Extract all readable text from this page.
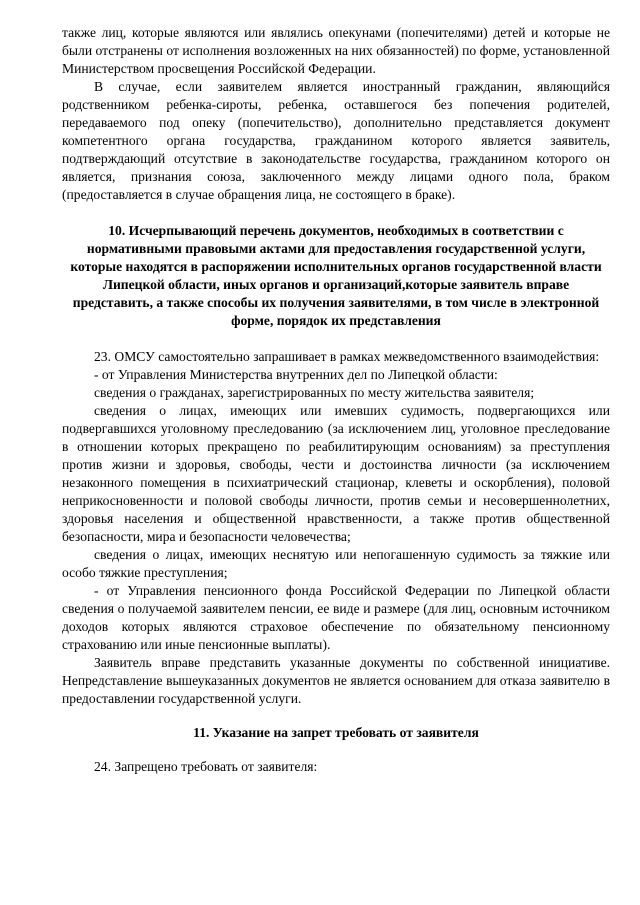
также лиц, которые являются или являлись опекунами (попечителями) детей и которые не были отстранены от исполнения возложенных на них обязанностей) по форме, установленной Министерством просвещения Российской Федерации.

В случае, если заявителем является иностранный гражданин, являющийся родственником ребенка-сироты, ребенка, оставшегося без попечения родителей, передаваемого под опеку (попечительство), дополнительно представляется документ компетентного органа государства, гражданином которого является заявитель, подтверждающий отсутствие в законодательстве государства, гражданином которого он является, признания союза, заключенного между лицами одного пола, браком (предоставляется в случае обращения лица, не состоящего в браке).

10. Исчерпывающий перечень документов, необходимых в соответствии с нормативными правовыми актами для предоставления государственной услуги, которые находятся в распоряжении исполнительных органов государственной власти Липецкой области, иных органов и организаций,которые заявитель вправе представить, а также способы их получения заявителями, в том числе в электронной форме, порядок их представления

23. ОМСУ самостоятельно запрашивает в рамках межведомственного взаимодействия:

- от Управления Министерства внутренних дел по Липецкой области:

сведения о гражданах, зарегистрированных по месту жительства заявителя;

сведения о лицах, имеющих или имевших судимость, подвергающихся или подвергавшихся уголовному преследованию (за исключением лиц, уголовное преследование в отношении которых прекращено по реабилитирующим основаниям) за преступления против жизни и здоровья, свободы, чести и достоинства личности (за исключением незаконного помещения в психиатрический стационар, клеветы и оскорбления), половой неприкосновенности и половой свободы личности, против семьи и несовершеннолетних, здоровья населения и общественной нравственности, а также против общественной безопасности, мира и безопасности человечества;

сведения о лицах, имеющих неснятую или непогашенную судимость за тяжкие или особо тяжкие преступления;

- от Управления пенсионного фонда Российской Федерации по Липецкой области сведения о получаемой заявителем пенсии, ее виде и размере (для лиц, основным источником доходов которых являются страховое обеспечение по обязательному пенсионному страхованию или иные пенсионные выплаты).

Заявитель вправе представить указанные документы по собственной инициативе. Непредставление вышеуказанных документов не является основанием для отказа заявителю в предоставлении государственной услуги.

11. Указание на запрет требовать от заявителя

24. Запрещено требовать от заявителя:
